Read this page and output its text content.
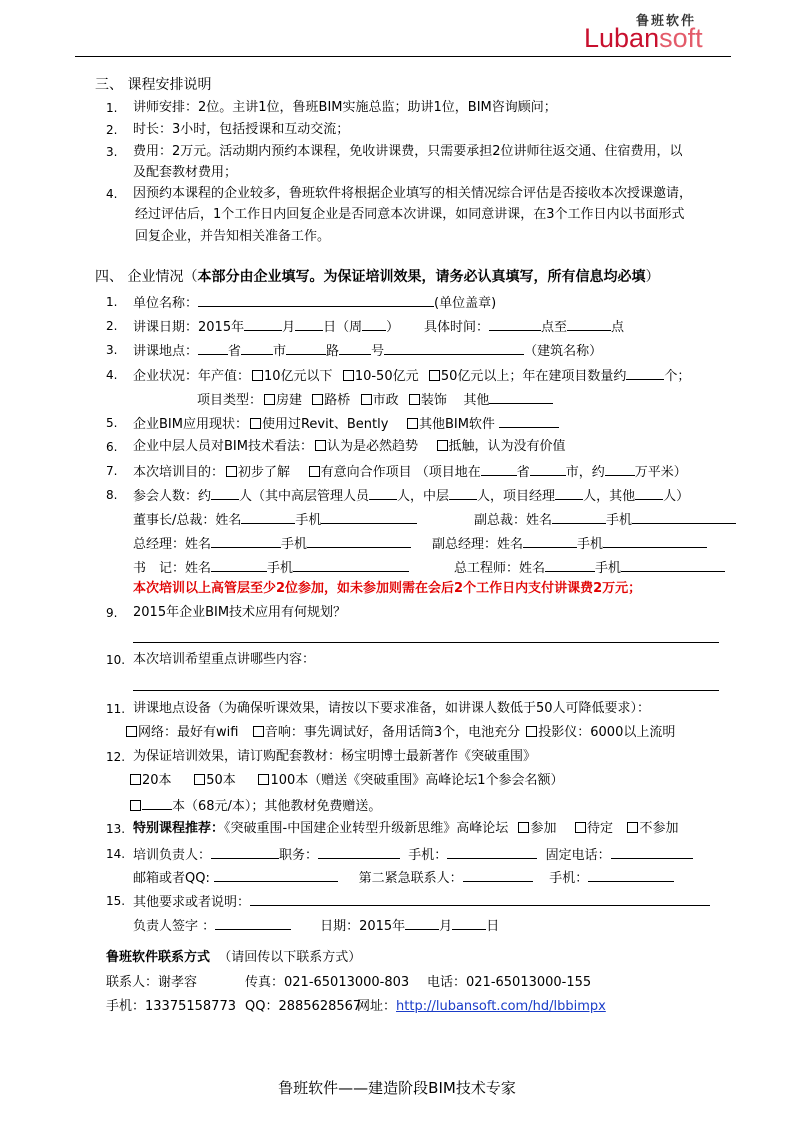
鲁班软件
Lubansoft
三、 课程安排说明
1. 讲师安排：2位。主讲1位，鲁班BIM实施总监；助讲1位，BIM咨询顾问；
2. 时长：3小时，包括授课和互动交流；
3. 费用：2万元。活动期内预约本课程，免收讲课费，只需要承担2位讲师往返交通、住宿费用，以
及配套教材费用；
4. 因预约本课程的企业较多，鲁班软件将根据企业填写的相关情况综合评估是否接收本次授课邀请，
经过评估后，1个工作日内回复企业是否同意本次讲课，如同意讲课，在3个工作日内以书面形式
回复企业，并告知相关准备工作。
四、 企业情况（本部分由企业填写。为保证培训效果，请务必认真填写，所有信息均必填）
1. 单位名称：	(单位盖章)
2. 讲课日期：2015年	月 日（周 ） 具体时间：	点至	点
3. 讲课地点： 省 市	路 号	（建筑名称）
4. 企业状况：年产值： 10亿元以下 10-50亿元 50亿元以上；年在建项目数量约	个；
项目类型： 房建 路桥 市政 装饰 其他
5. 企业BIM应用现状： 使用过Revit、Bently 其他BIM软件
6. 企业中层人员对BIM技术看法： 认为是必然趋势 抵触，认为没有价值
7. 本次培训目的： 初步了解 有意向合作项目 （项目地在	省	市，约 万平米）
8. 参会人数：约 人（其中高层管理人员 人，中层 人，项目经理 人，其他 人）
董事长/总裁：姓名	手机	副总裁：姓名	手机
总经理：姓名	手机	副总经理：姓名	手机
书　记：姓名	手机	总工程师：姓名	手机
本次培训以上高管层至少2位参加，如未参加则需在会后2个工作日内支付讲课费2万元；
9. 2015年企业BIM技术应用有何规划？
10. 本次培训希望重点讲哪些内容：
11. 讲课地点设备（为确保听课效果，请按以下要求准备，如讲课人数低于50人可降低要求）：
网络：最好有wifi 音响：事先调试好，备用话筒3个，电池充分 投影仪：6000以上流明
12. 为保证培训效果，请订购配套教材：杨宝明博士最新著作《突破重围》
20本	50本	100本（赠送《突破重围》高峰论坛1个参会名额）
本（68元/本）；其他教材免费赠送。
13. 特别课程推荐：《突破重围-中国建企业转型升级新思维》高峰论坛 参加 待定 不参加
14. 培训负责人：	职务：	手机：	固定电话：
邮箱或者QQ:	第二紧急联系人：	手机：
15. 其他要求或者说明：
负责人签字 ：	日期：2015年	月	日
鲁班软件联系方式 （请回传以下联系方式）
联系人：谢孝容	传真：021-65013000-803 电话：021-65013000-155
手机：13375158773 QQ：2885628567
网址：http://lubansoft.com/hd/lbbimpx
鲁班软件——建造阶段BIM技术专家
